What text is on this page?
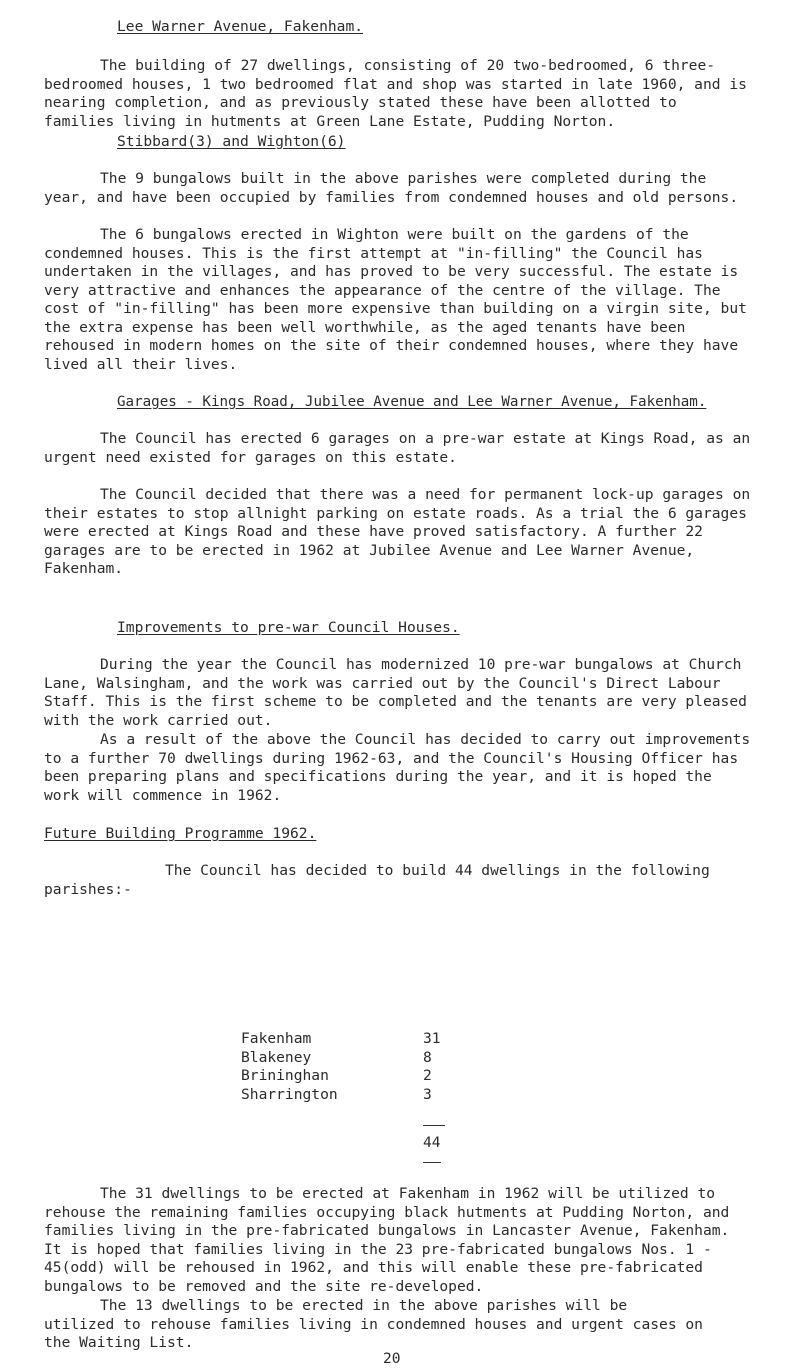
Lee Warner Avenue, Fakenham.

The building of 27 dwellings, consisting of 20 two-bedroomed, 6 three-bedroomed houses, 1 two bedroomed flat and shop was started in late 1960, and is nearing completion, and as previously stated these have been allotted to families living in hutments at Green Lane Estate, Pudding Norton.

Stibbard(3) and Wighton(6)

The 9 bungalows built in the above parishes were completed during the year, and have been occupied by families from condemned houses and old persons.

The 6 bungalows erected in Wighton were built on the gardens of the condemned houses. This is the first attempt at "in-filling" the Council has undertaken in the villages, and has proved to be very successful. The estate is very attractive and enhances the appearance of the centre of the village. The cost of "in-filling" has been more expensive than building on a virgin site, but the extra expense has been well worthwhile, as the aged tenants have been rehoused in modern homes on the site of their condemned houses, where they have lived all their lives.

Garages - Kings Road, Jubilee Avenue and Lee Warner Avenue, Fakenham.

The Council has erected 6 garages on a pre-war estate at Kings Road, as an urgent need existed for garages on this estate.

The Council decided that there was a need for permanent lock-up garages on their estates to stop allnight parking on estate roads. As a trial the 6 garages were erected at Kings Road and these have proved satisfactory. A further 22 garages are to be erected in 1962 at Jubilee Avenue and Lee Warner Avenue, Fakenham.

Improvements to pre-war Council Houses.

During the year the Council has modernized 10 pre-war bungalows at Church Lane, Walsingham, and the work was carried out by the Council's Direct Labour Staff. This is the first scheme to be completed and the tenants are very pleased with the work carried out.

As a result of the above the Council has decided to carry out improvements to a further 70 dwellings during 1962-63, and the Council's Housing Officer has been preparing plans and specifications during the year, and it is hoped the work will commence in 1962.

Future Building Programme 1962.
The Council has decided to build 44 dwellings in the following
parishes:-
Fakenham	31
Blakeney	8
Brininghan	2
Sharrington	3
44

The 31 dwellings to be erected at Fakenham in 1962 will be utilized to rehouse the remaining families occupying black hutments at Pudding Norton, and families living in the pre-fabricated bungalows in Lancaster Avenue, Fakenham. It is hoped that families living in the 23 pre-fabricated bungalows Nos. 1 - 45(odd) will be rehoused in 1962, and this will enable these pre-fabricated bungalows to be removed and the site re-developed.

The 13 dwellings to be erected in the above parishes will be utilized to rehouse families living in condemned houses and urgent cases on the Waiting List.

20
